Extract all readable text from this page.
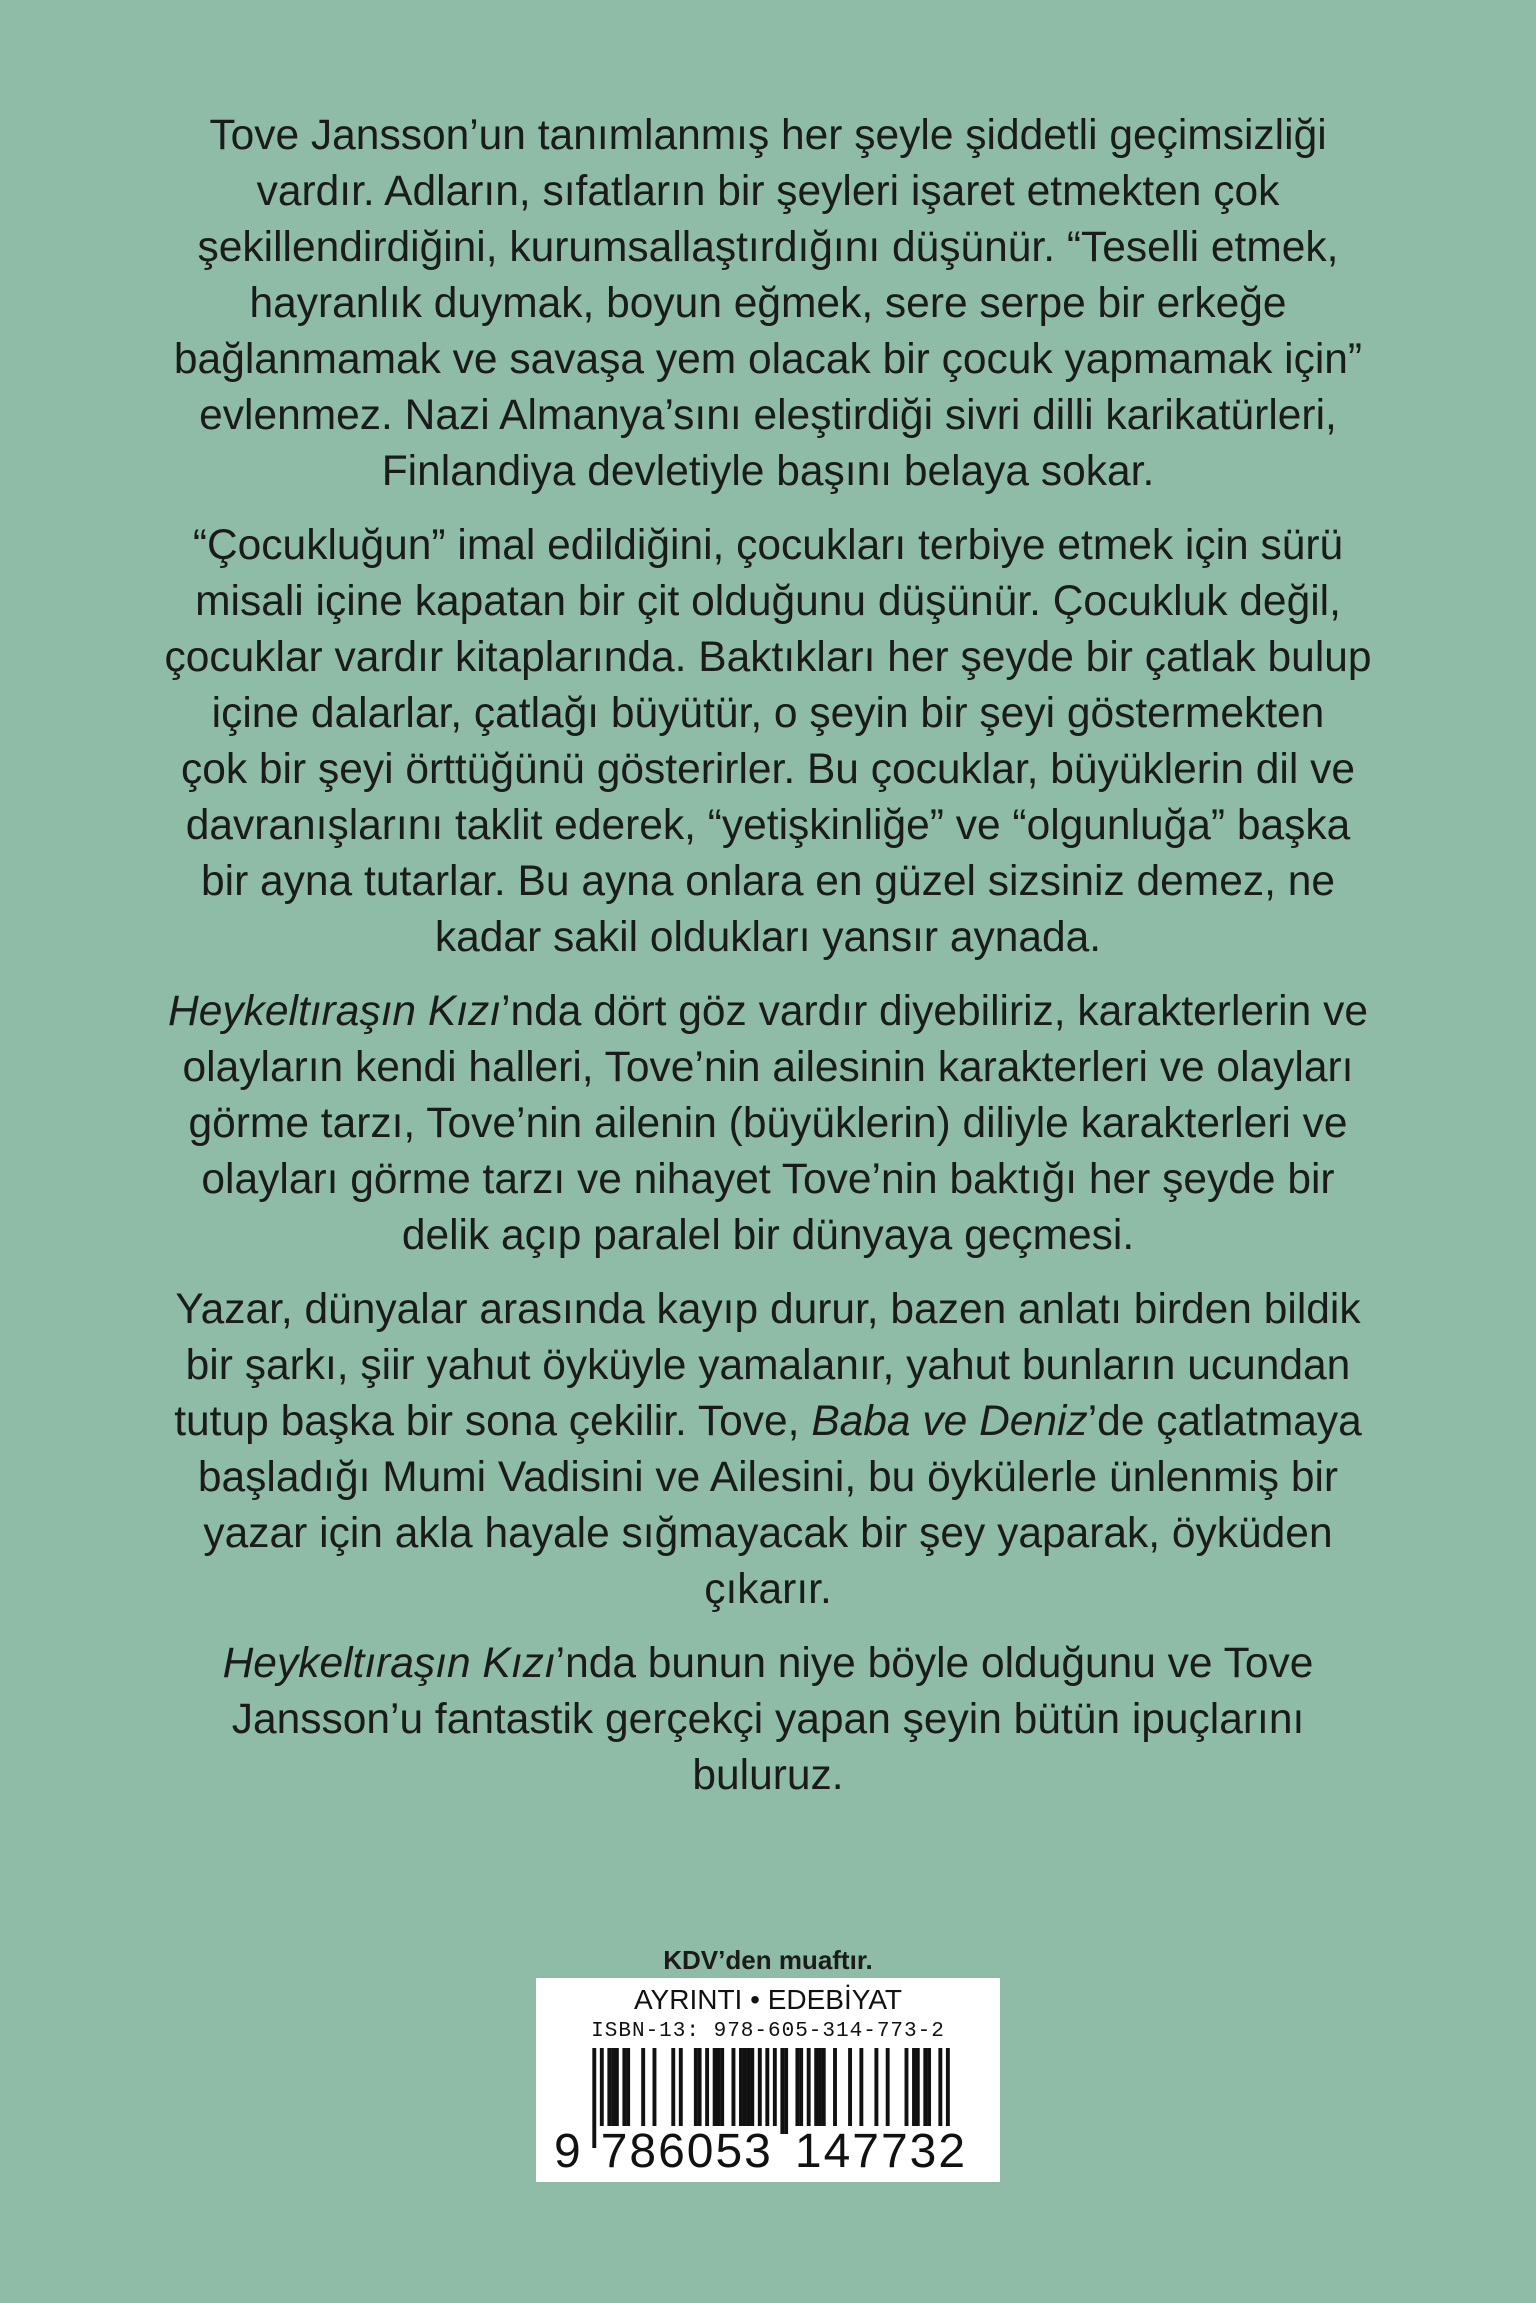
Tove Jansson’un tanımlanmış her şeyle şiddetli geçimsizliği
vardır. Adların, sıfatların bir şeyleri işaret etmekten çok
şekillendirdiğini, kurumsallaştırdığını düşünür. “Teselli etmek,
hayranlık duymak, boyun eğmek, sere serpe bir erkeğe
bağlanmamak ve savaşa yem olacak bir çocuk yapmamak için”
evlenmez. Nazi Almanya’sını eleştirdiği sivri dilli karikatürleri,
Finlandiya devletiyle başını belaya sokar.

“Çocukluğun” imal edildiğini, çocukları terbiye etmek için sürü
misali içine kapatan bir çit olduğunu düşünür. Çocukluk değil,
çocuklar vardır kitaplarında. Baktıkları her şeyde bir çatlak bulup
içine dalarlar, çatlağı büyütür, o şeyin bir şeyi göstermekten
çok bir şeyi örttüğünü gösterirler. Bu çocuklar, büyüklerin dil ve
davranışlarını taklit ederek, “yetişkinliğe” ve “olgunluğa” başka
bir ayna tutarlar. Bu ayna onlara en güzel sizsiniz demez, ne
kadar sakil oldukları yansır aynada.

Heykeltıraşın Kızı’nda dört göz vardır diyebiliriz, karakterlerin ve
olayların kendi halleri, Tove’nin ailesinin karakterleri ve olayları
görme tarzı, Tove’nin ailenin (büyüklerin) diliyle karakterleri ve
olayları görme tarzı ve nihayet Tove’nin baktığı her şeyde bir
delik açıp paralel bir dünyaya geçmesi.

Yazar, dünyalar arasında kayıp durur, bazen anlatı birden bildik
bir şarkı, şiir yahut öyküyle yamalanır, yahut bunların ucundan
tutup başka bir sona çekilir. Tove, Baba ve Deniz’de çatlatmaya
başladığı Mumi Vadisini ve Ailesini, bu öykülerle ünlenmiş bir
yazar için akla hayale sığmayacak bir şey yaparak, öyküden
çıkarır.

Heykeltıraşın Kızı’nda bunun niye böyle olduğunu ve Tove
Jansson’u fantastik gerçekçi yapan şeyin bütün ipuçlarını
buluruz.

KDV’den muaftır.
AYRINTI • EDEBİYAT
ISBN-13: 978-605-314-773-2
9 786053 147732
